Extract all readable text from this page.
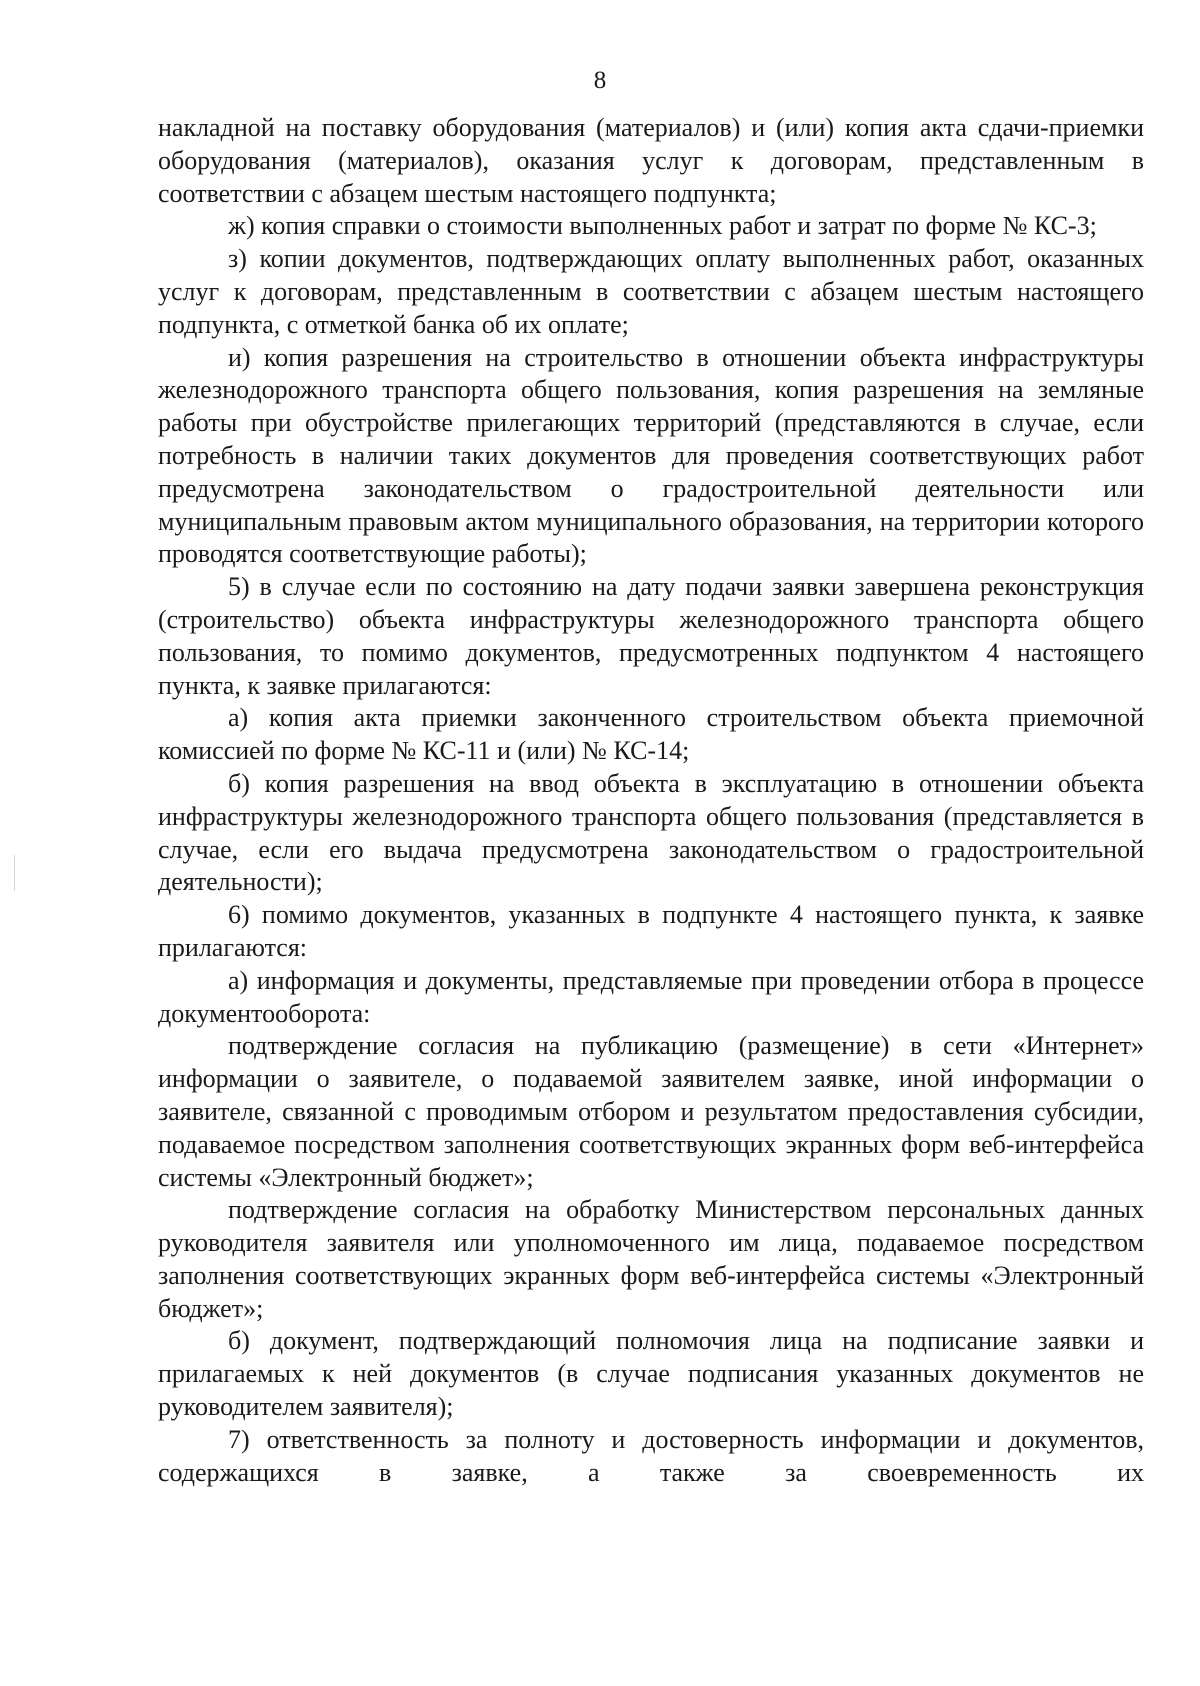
8

накладной на поставку оборудования (материалов) и (или) копия акта сдачи-приемки оборудования (материалов), оказания услуг к договорам, представленным в соответствии с абзацем шестым настоящего подпункта;

ж) копия справки о стоимости выполненных работ и затрат по форме № КС-3;

з) копии документов, подтверждающих оплату выполненных работ, оказанных услуг к договорам, представленным в соответствии с абзацем шестым настоящего подпункта, с отметкой банка об их оплате;

и) копия разрешения на строительство в отношении объекта инфраструктуры железнодорожного транспорта общего пользования, копия разрешения на земляные работы при обустройстве прилегающих территорий (представляются в случае, если потребность в наличии таких документов для проведения соответствующих работ предусмотрена законодательством о градостроительной деятельности или муниципальным правовым актом муниципального образования, на территории которого проводятся соответствующие работы);

5) в случае если по состоянию на дату подачи заявки завершена реконструкция (строительство) объекта инфраструктуры железнодорожного транспорта общего пользования, то помимо документов, предусмотренных подпунктом 4 настоящего пункта, к заявке прилагаются:

а) копия акта приемки законченного строительством объекта приемочной комиссией по форме № КС-11 и (или) № КС-14;

б) копия разрешения на ввод объекта в эксплуатацию в отношении объекта инфраструктуры железнодорожного транспорта общего пользования (представляется в случае, если его выдача предусмотрена законодательством о градостроительной деятельности);

6) помимо документов, указанных в подпункте 4 настоящего пункта, к заявке прилагаются:

а) информация и документы, представляемые при проведении отбора в процессе документооборота:

подтверждение согласия на публикацию (размещение) в сети «Интернет» информации о заявителе, о подаваемой заявителем заявке, иной информации о заявителе, связанной с проводимым отбором и результатом предоставления субсидии, подаваемое посредством заполнения соответствующих экранных форм веб-интерфейса системы «Электронный бюджет»;

подтверждение согласия на обработку Министерством персональных данных руководителя заявителя или уполномоченного им лица, подаваемое посредством заполнения соответствующих экранных форм веб-интерфейса системы «Электронный бюджет»;

б) документ, подтверждающий полномочия лица на подписание заявки и прилагаемых к ней документов (в случае подписания указанных документов не руководителем заявителя);

7) ответственность за полноту и достоверность информации и документов, содержащихся в заявке, а также за своевременность их
